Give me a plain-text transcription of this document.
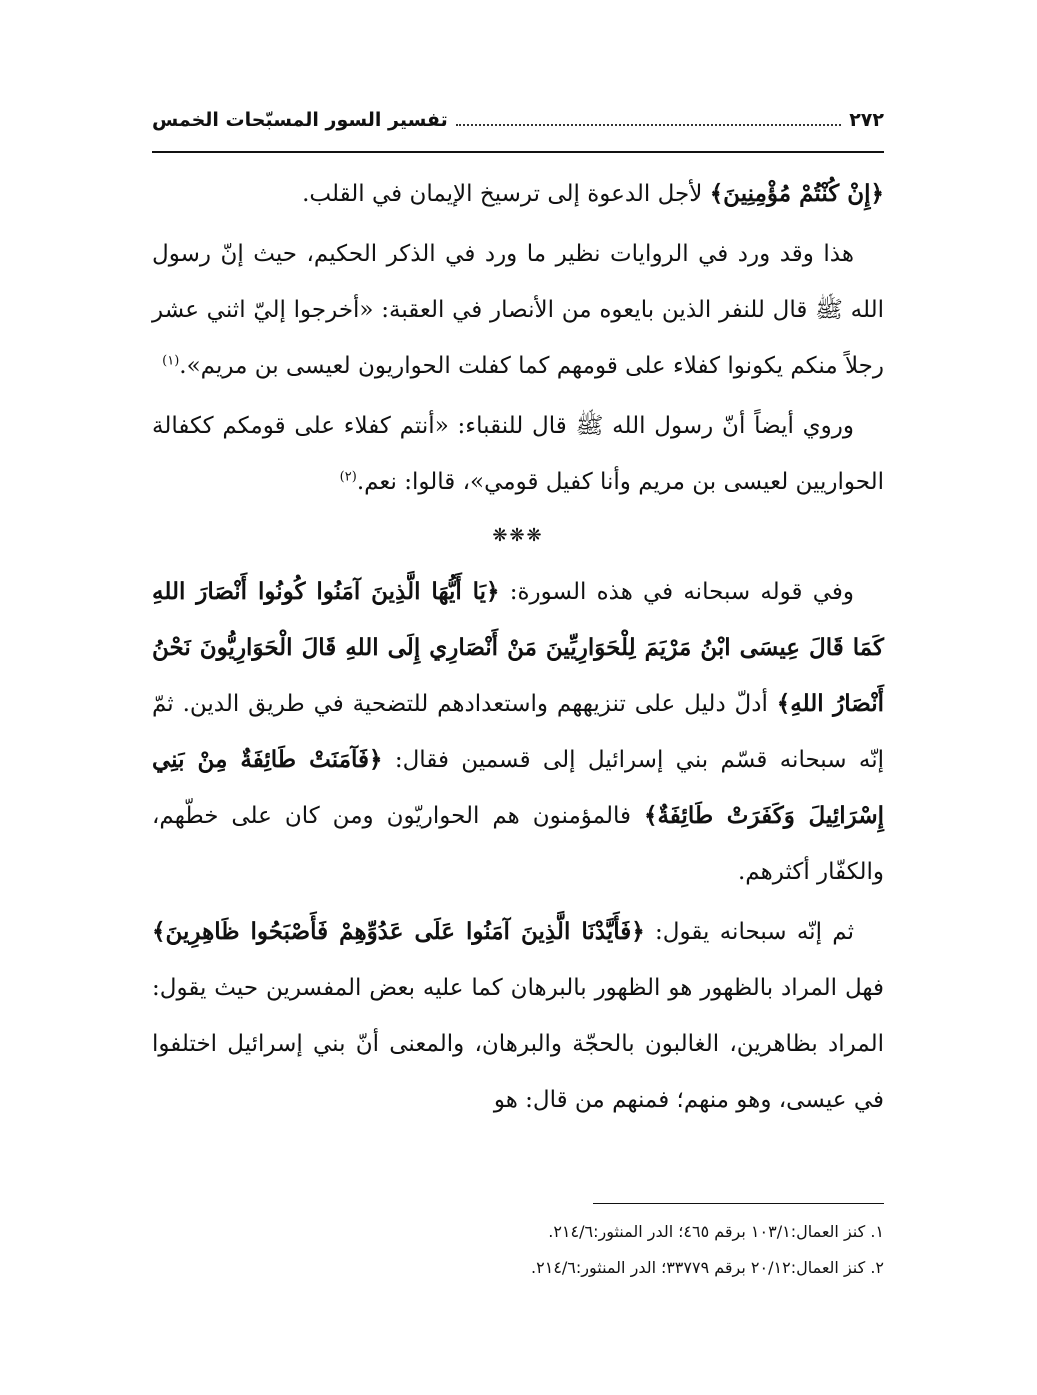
٢٧٢
تفسير السور المسبّحات الخمس

﴿إِنْ كُنْتُمْ مُؤْمِنِينَ﴾ لأجل الدعوة إلى ترسيخ الإيمان في القلب.

هذا وقد ورد في الروايات نظير ما ورد في الذكر الحكيم، حيث إنّ رسول الله ﷺ قال للنفر الذين بايعوه من الأنصار في العقبة: «أخرجوا إليّ اثني عشر رجلاً منكم يكونوا كفلاء على قومهم كما كفلت الحواريون لعيسى بن مريم».$^{(١)}$

وروي أيضاً أنّ رسول الله ﷺ قال للنقباء: «أنتم كفلاء على قومكم ككفالة الحواريين لعيسى بن مريم وأنا كفيل قومي»، قالوا: نعم.$^{(٢)}$

❋❋❋

وفي قوله سبحانه في هذه السورة: ﴿يَا أَيُّهَا الَّذِينَ آمَنُوا كُونُوا أَنْصَارَ اللهِ كَمَا قَالَ عِيسَى ابْنُ مَرْيَمَ لِلْحَوَارِيِّينَ مَنْ أَنْصَارِي إِلَى اللهِ قَالَ الْحَوَارِيُّونَ نَحْنُ أَنْصَارُ اللهِ﴾ أدلّ دليل على تنزيههم واستعدادهم للتضحية في طريق الدين. ثمّ إنّه سبحانه قسّم بني إسرائيل إلى قسمين فقال: ﴿فَآمَنَتْ طَائِفَةٌ مِنْ بَنِي إِسْرَائِيلَ وَكَفَرَتْ طَائِفَةٌ﴾ فالمؤمنون هم الحواريّون ومن كان على خطّهم، والكفّار أكثرهم.

ثم إنّه سبحانه يقول: ﴿فَأَيَّدْنَا الَّذِينَ آمَنُوا عَلَى عَدُوِّهِمْ فَأَصْبَحُوا ظَاهِرِينَ﴾ فهل المراد بالظهور هو الظهور بالبرهان كما عليه بعض المفسرين حيث يقول: المراد بظاهرين، الغالبون بالحجّة والبرهان، والمعنى أنّ بني إسرائيل اختلفوا في عيسى، وهو منهم؛ فمنهم من قال: هو

١. كنز العمال:١٠٣/١ برقم ٤٦٥؛ الدر المنثور:٢١٤/٦.

٢. كنز العمال:٢٠/١٢ برقم ٣٣٧٧٩؛ الدر المنثور:٢١٤/٦.
